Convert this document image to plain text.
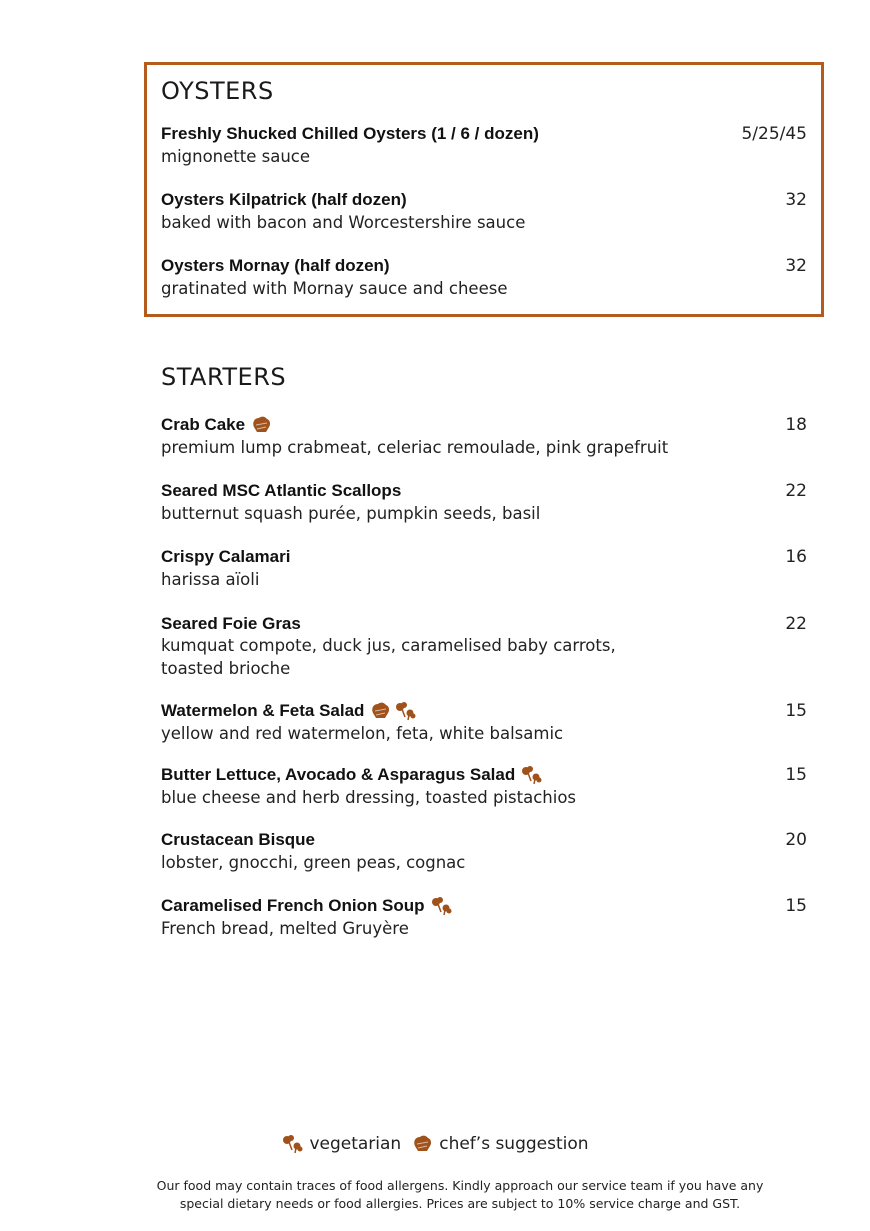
OYSTERS
Freshly Shucked Chilled Oysters (1 / 6 / dozen)	5/25/45
mignonette sauce
Oysters Kilpatrick (half dozen)	32
baked with bacon and Worcestershire sauce
Oysters Mornay (half dozen)	32
gratinated with Mornay sauce and cheese
STARTERS
Crab Cake	18
premium lump crabmeat, celeriac remoulade, pink grapefruit
Seared MSC Atlantic Scallops	22
butternut squash purée, pumpkin seeds, basil
Crispy Calamari	16
harissa aïoli
Seared Foie Gras	22
kumquat compote, duck jus, caramelised baby carrots,
toasted brioche
Watermelon & Feta Salad	15
yellow and red watermelon, feta, white balsamic
Butter Lettuce, Avocado & Asparagus Salad	15
blue cheese and herb dressing, toasted pistachios
Crustacean Bisque	20
lobster, gnocchi, green peas, cognac
Caramelised French Onion Soup	15
French bread, melted Gruyère
vegetarian chef’s suggestion

Our food may contain traces of food allergens. Kindly approach our service team if you have any
special dietary needs or food allergies. Prices are subject to 10% service charge and GST.
